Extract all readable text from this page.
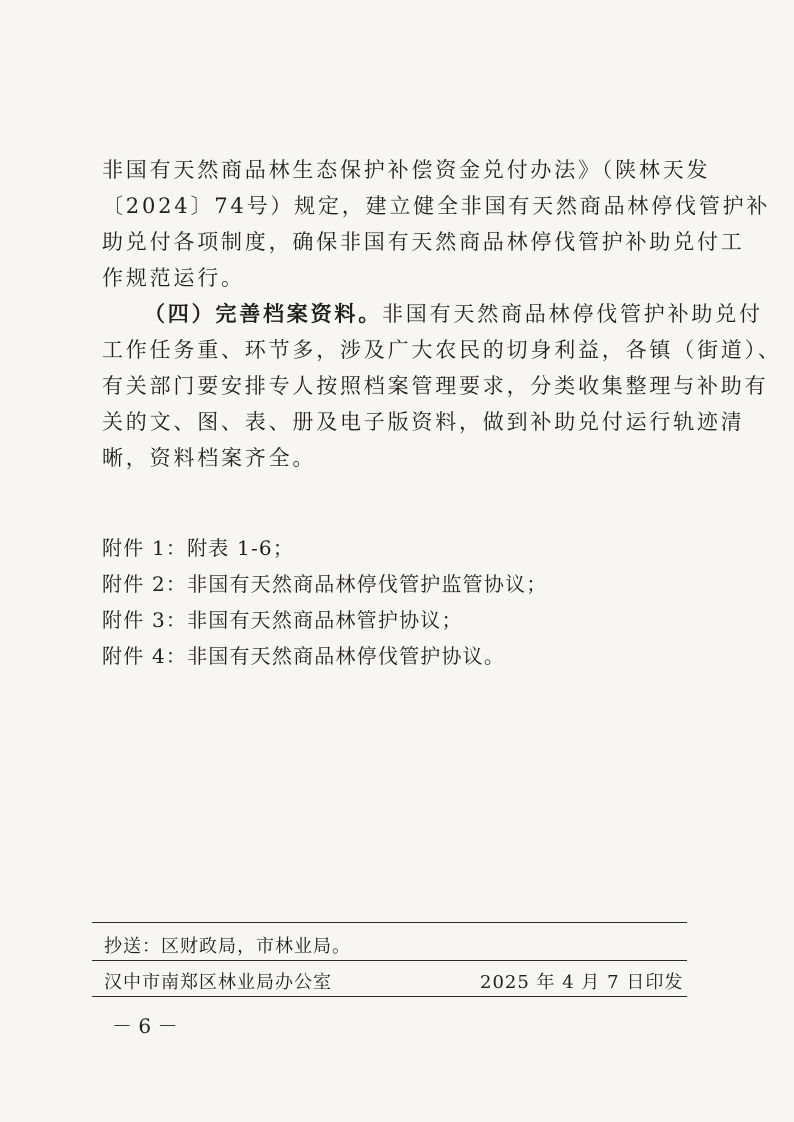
非国有天然商品林生态保护补偿资金兑付办法》（陕林天发
〔2024〕74号）规定，建立健全非国有天然商品林停伐管护补
助兑付各项制度，确保非国有天然商品林停伐管护补助兑付工
作规范运行。

（四）完善档案资料。非国有天然商品林停伐管护补助兑付
工作任务重、环节多，涉及广大农民的切身利益，各镇（街道）、
有关部门要安排专人按照档案管理要求，分类收集整理与补助有
关的文、图、表、册及电子版资料，做到补助兑付运行轨迹清
晰，资料档案齐全。

附件 1：附表 1-6；
附件 2：非国有天然商品林停伐管护监管协议；
附件 3：非国有天然商品林管护协议；
附件 4：非国有天然商品林停伐管护协议。
抄送：区财政局，市林业局。
汉中市南郑区林业局办公室	2025 年 4 月 7 日印发
－ 6 －
